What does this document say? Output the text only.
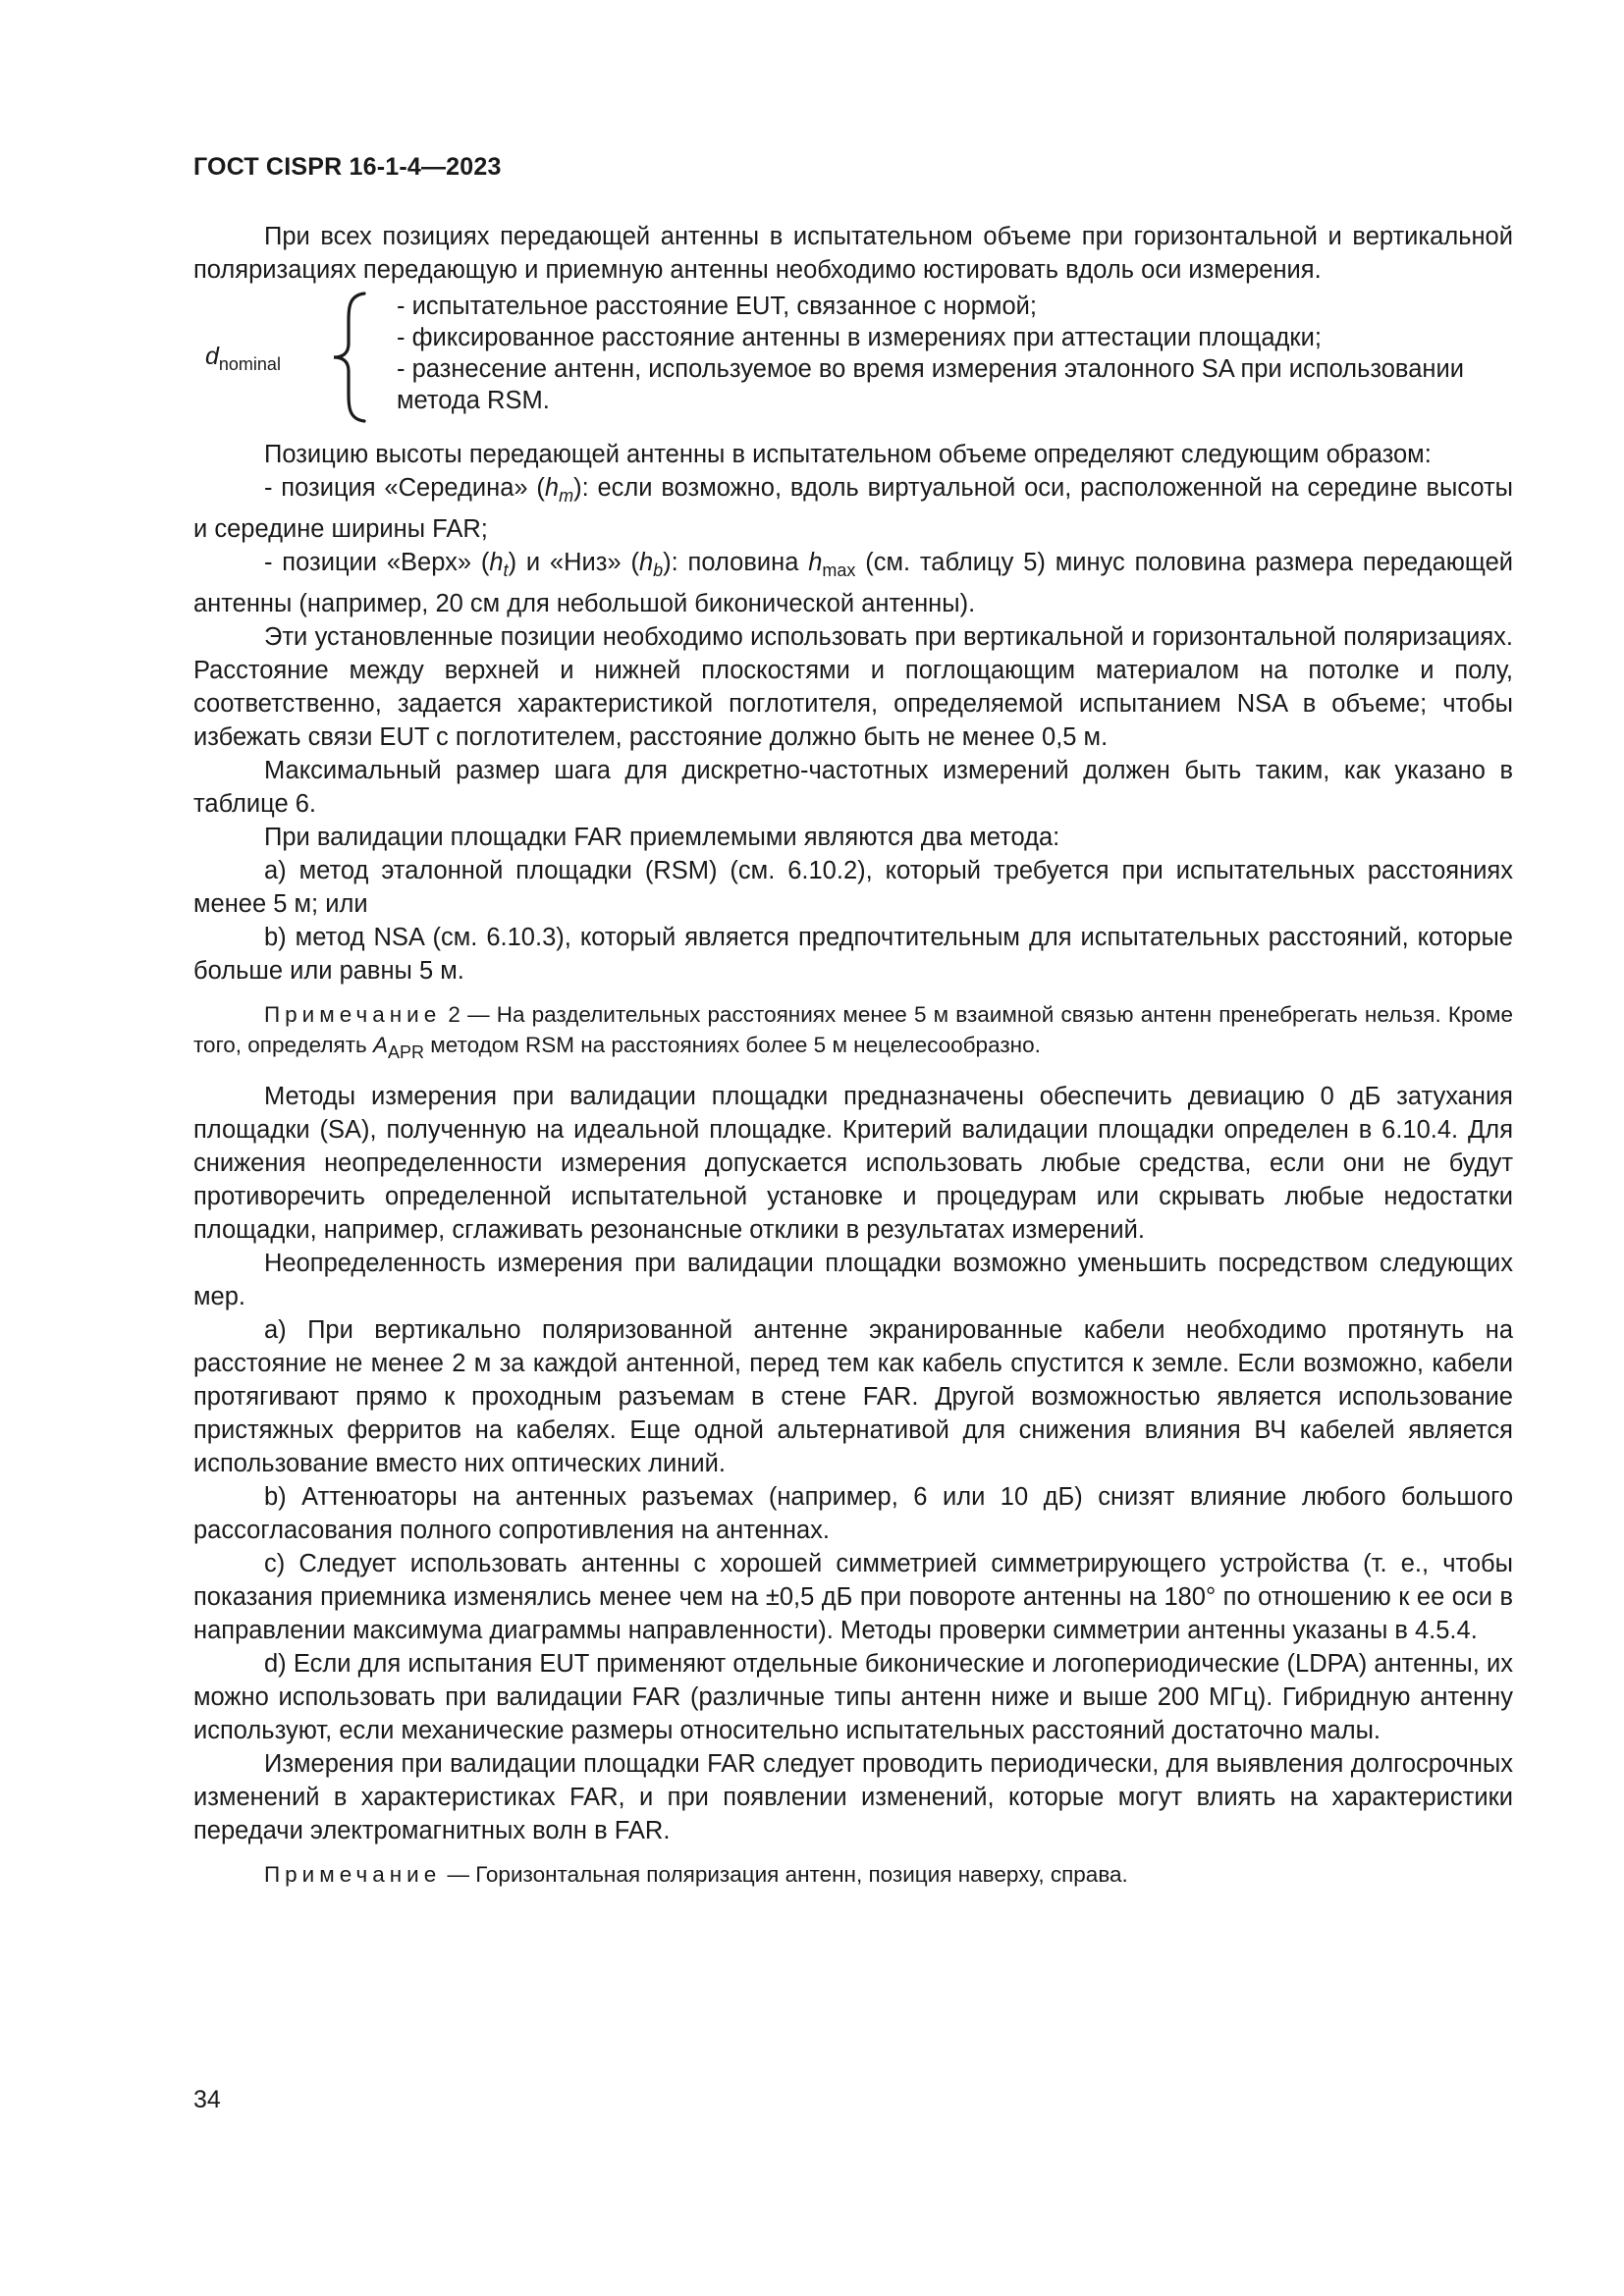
ГОСТ CISPR 16-1-4—2023

При всех позициях передающей антенны в испытательном объеме при горизонтальной и вертикальной поляризациях передающую и приемную антенны необходимо юстировать вдоль оси измерения.

$d_{nominal}$
- испытательное расстояние EUT, связанное с нормой;
- фиксированное расстояние антенны в измерениях при аттестации площадки;
- разнесение антенн, используемое во время измерения эталонного SA при использовании метода RSM.

Позицию высоты передающей антенны в испытательном объеме определяют следующим образом:

- позиция «Середина» $(h_m)$: если возможно, вдоль виртуальной оси, расположенной на середине высоты и середине ширины FAR;

- позиции «Верх» $(h_t)$ и «Низ» $(h_b)$: половина $h_{max}$ (см. таблицу 5) минус половина размера передающей антенны (например, 20 см для небольшой биконической антенны).

Эти установленные позиции необходимо использовать при вертикальной и горизонтальной поляризациях. Расстояние между верхней и нижней плоскостями и поглощающим материалом на потолке и полу, соответственно, задается характеристикой поглотителя, определяемой испытанием NSA в объеме; чтобы избежать связи EUT с поглотителем, расстояние должно быть не менее 0,5 м.

Максимальный размер шага для дискретно-частотных измерений должен быть таким, как указано в таблице 6.

При валидации площадки FAR приемлемыми являются два метода:

a) метод эталонной площадки (RSM) (см. 6.10.2), который требуется при испытательных расстояниях менее 5 м; или

b) метод NSA (см. 6.10.3), который является предпочтительным для испытательных расстояний, которые больше или равны 5 м.

Примечание 2 — На разделительных расстояниях менее 5 м взаимной связью антенн пренебрегать нельзя. Кроме того, определять $A_{APR}$ методом RSM на расстояниях более 5 м нецелесообразно.

Методы измерения при валидации площадки предназначены обеспечить девиацию 0 дБ затухания площадки (SA), полученную на идеальной площадке. Критерий валидации площадки определен в 6.10.4. Для снижения неопределенности измерения допускается использовать любые средства, если они не будут противоречить определенной испытательной установке и процедурам или скрывать любые недостатки площадки, например, сглаживать резонансные отклики в результатах измерений.

Неопределенность измерения при валидации площадки возможно уменьшить посредством следующих мер.

a) При вертикально поляризованной антенне экранированные кабели необходимо протянуть на расстояние не менее 2 м за каждой антенной, перед тем как кабель спустится к земле. Если возможно, кабели протягивают прямо к проходным разъемам в стене FAR. Другой возможностью является использование пристяжных ферритов на кабелях. Еще одной альтернативой для снижения влияния ВЧ кабелей является использование вместо них оптических линий.

b) Аттенюаторы на антенных разъемах (например, 6 или 10 дБ) снизят влияние любого большого рассогласования полного сопротивления на антеннах.

c) Следует использовать антенны с хорошей симметрией симметрирующего устройства (т. е., чтобы показания приемника изменялись менее чем на ±0,5 дБ при повороте антенны на 180° по отношению к ее оси в направлении максимума диаграммы направленности). Методы проверки симметрии антенны указаны в 4.5.4.

d) Если для испытания EUT применяют отдельные биконические и логопериодические (LDPA) антенны, их можно использовать при валидации FAR (различные типы антенн ниже и выше 200 МГц). Гибридную антенну используют, если механические размеры относительно испытательных расстояний достаточно малы.

Измерения при валидации площадки FAR следует проводить периодически, для выявления долгосрочных изменений в характеристиках FAR, и при появлении изменений, которые могут влиять на характеристики передачи электромагнитных волн в FAR.

Примечание — Горизонтальная поляризация антенн, позиция наверху, справа.

34
